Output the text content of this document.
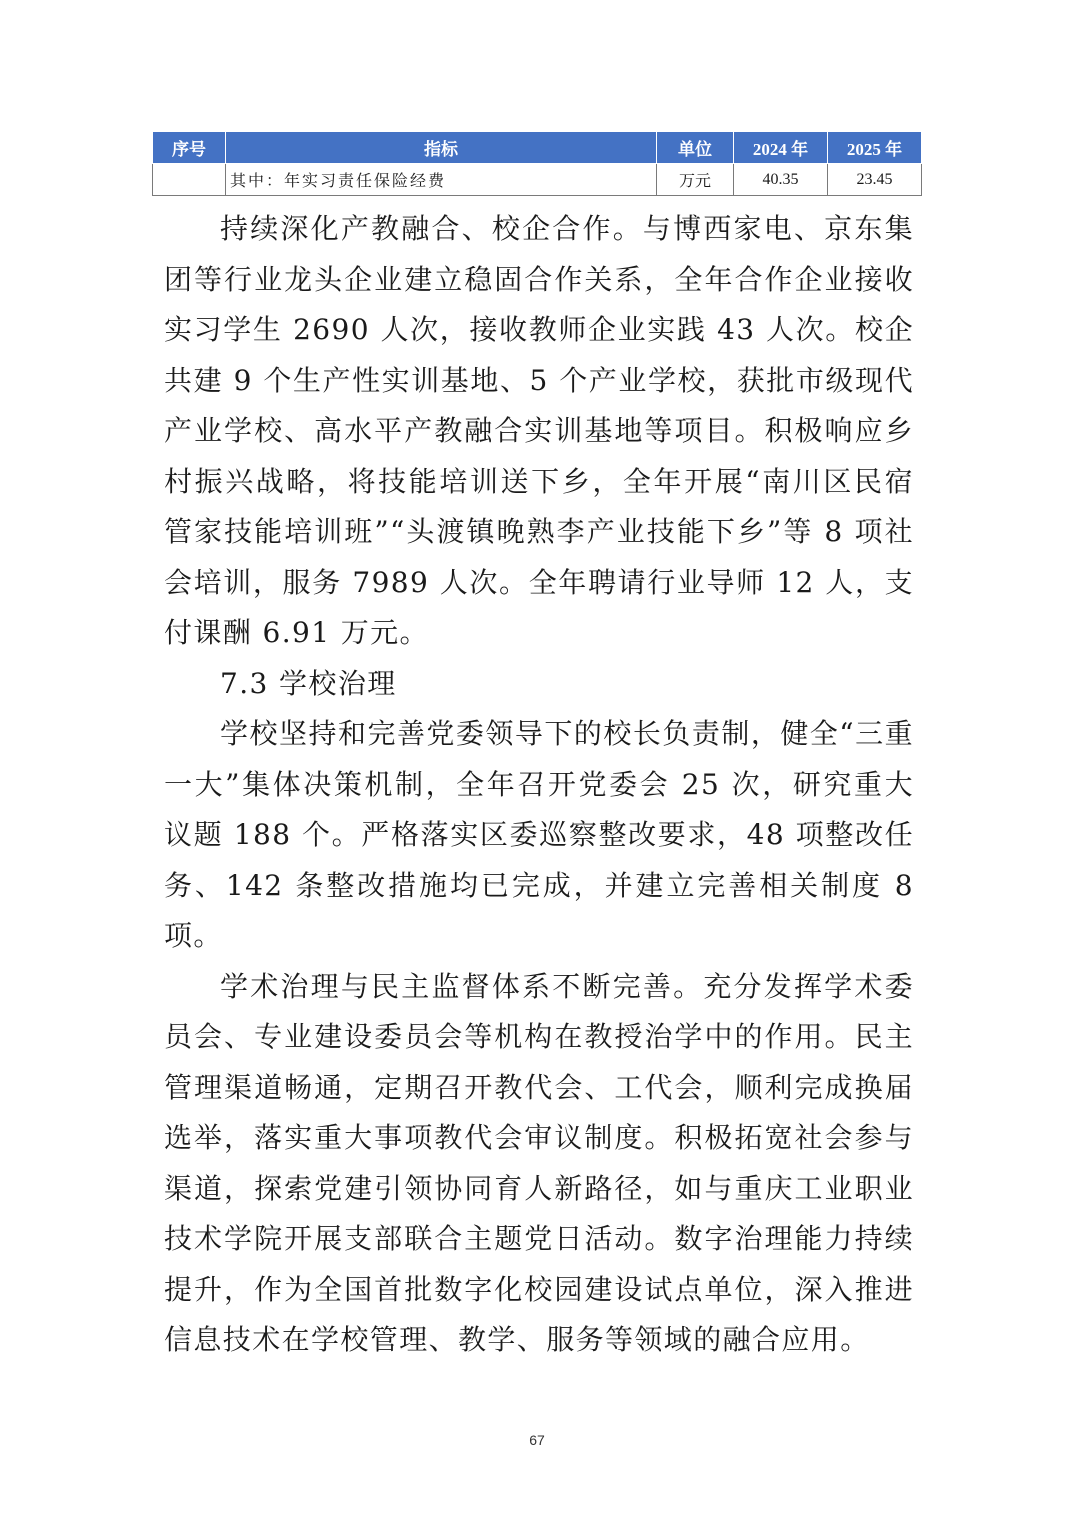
序号	指标	单位	2024 年	2025 年
	其中：年实习责任保险经费	万元	40.35	23.45

持续深化产教融合、校企合作。与博西家电、京东集团等行业龙头企业建立稳固合作关系，全年合作企业接收实习学生 2690 人次，接收教师企业实践 43 人次。校企共建 9 个生产性实训基地、5 个产业学校，获批市级现代产业学校、高水平产教融合实训基地等项目。积极响应乡村振兴战略，将技能培训送下乡，全年开展“南川区民宿管家技能培训班”“头渡镇晚熟李产业技能下乡”等 8 项社会培训，服务 7989 人次。全年聘请行业导师 12 人，支付课酬 6.91 万元。

7.3 学校治理

学校坚持和完善党委领导下的校长负责制，健全“三重一大”集体决策机制，全年召开党委会 25 次，研究重大议题 188 个。严格落实区委巡察整改要求，48 项整改任务、142 条整改措施均已完成，并建立完善相关制度 8 项。

学术治理与民主监督体系不断完善。充分发挥学术委员会、专业建设委员会等机构在教授治学中的作用。民主管理渠道畅通，定期召开教代会、工代会，顺利完成换届选举，落实重大事项教代会审议制度。积极拓宽社会参与渠道，探索党建引领协同育人新路径，如与重庆工业职业技术学院开展支部联合主题党日活动。数字治理能力持续提升，作为全国首批数字化校园建设试点单位，深入推进信息技术在学校管理、教学、服务等领域的融合应用。

67
